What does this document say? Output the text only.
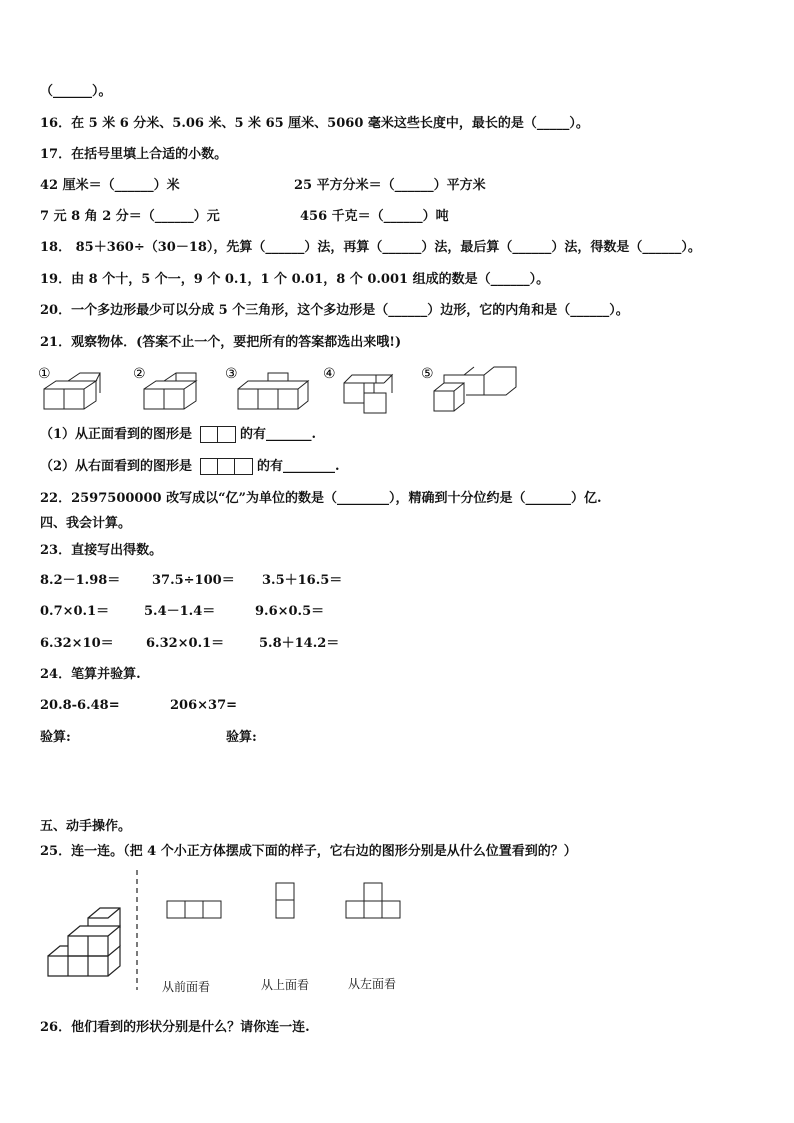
（______）。
16．在 5 米 6 分米、5.06 米、5 米 65 厘米、5060 毫米这些长度中，最长的是（_____）。
17．在括号里填上合适的小数。
42 厘米＝（______）米	25 平方分米＝（______）平方米
7 元 8 角 2 分＝（______）元	456 千克＝（______）吨
18． 85＋360÷（30－18），先算（______）法，再算（______）法，最后算（______）法，得数是（______）。
19．由 8 个十，5 个一，9 个 0.1，1 个 0.01，8 个 0.001 组成的数是（______）。
20．一个多边形最少可以分成 5 个三角形，这个多边形是（______）边形，它的内角和是（______）。
21．观察物体．(答案不止一个，要把所有的答案都选出来哦!)
①	②	③	④	⑤
（1）从正面看到的图形是	的有_______.
（2）从右面看到的图形是	的有________.
22．2597500000 改写成以“亿”为单位的数是（________），精确到十分位约是（_______）亿.
四、我会计算。
23．直接写出得数。
8.2－1.98＝ 37.5÷100＝ 3.5＋16.5＝
0.7×0.1＝	5.4－1.4＝	9.6×0.5＝
6.32×10＝ 6.32×0.1＝	5.8＋14.2＝
24．笔算并验算.
20.8-6.48=	206×37=
验算:	验算:
五、动手操作。
25．连一连。（把 4 个小正方体摆成下面的样子，它右边的图形分别是从什么位置看到的？）
从前面看	从上面看	从左面看
26．他们看到的形状分别是什么？请你连一连.
